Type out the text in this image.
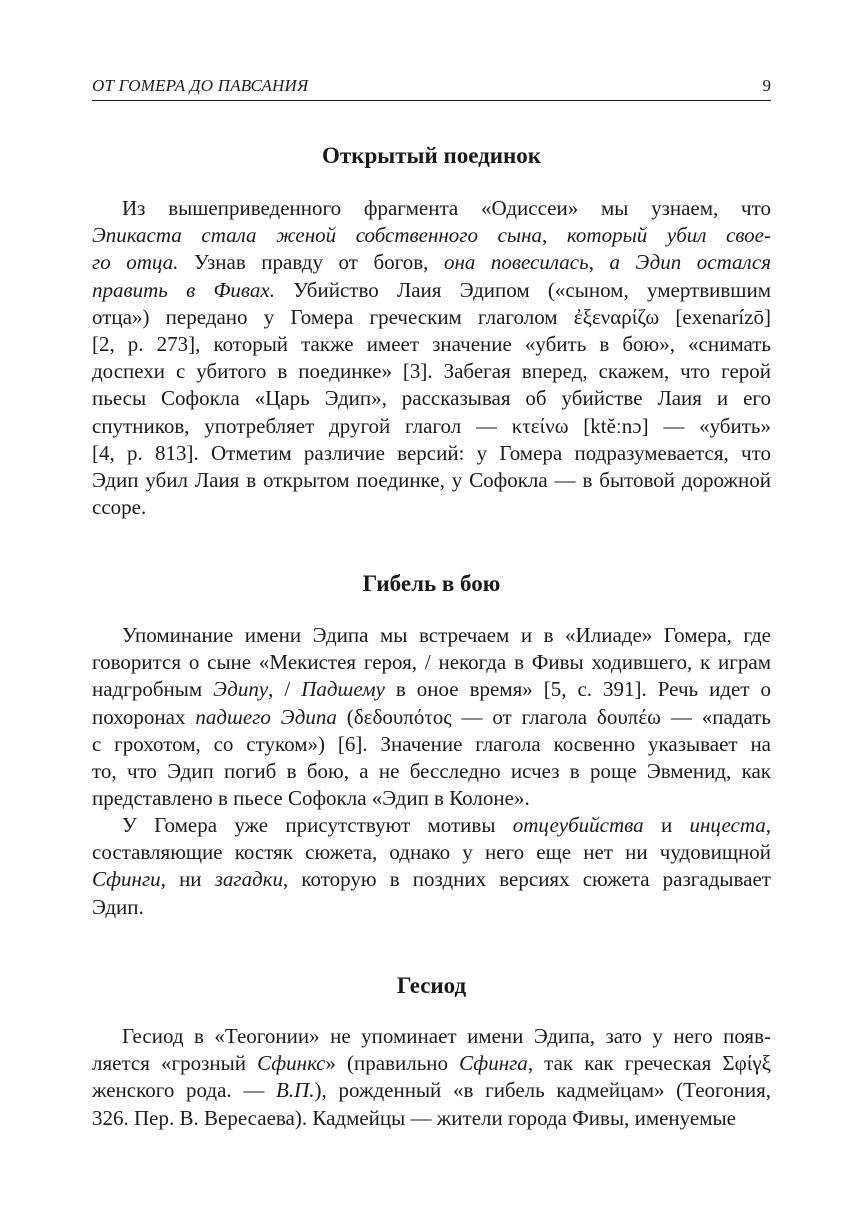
ОТ ГОМЕРА ДО ПАВСАНИЯ	9
Открытый поединок
Из вышеприведенного фрагмента «Одиссеи» мы узнаем, что
Эпикаста стала женой собственного сына, который убил свое-
го отца. Узнав правду от богов, она повесилась, а Эдип остался
править в Фивах. Убийство Лаия Эдипом («сыном, умертвившим
отца») передано у Гомера греческим глаголом ἐξεναρίζω [exenarízō]
[2, p. 273], который также имеет значение «убить в бою», «снимать
доспехи с убитого в поединке» [3]. Забегая вперед, скажем, что герой
пьесы Софокла «Царь Эдип», рассказывая об убийстве Лаия и его
спутников, употребляет другой глагол — κτείνω [ktĕːnɔ] — «убить»
[4, p. 813]. Отметим различие версий: у Гомера подразумевается, что
Эдип убил Лаия в открытом поединке, у Софокла — в бытовой дорожной
ссоре.
Гибель в бою
Упоминание имени Эдипа мы встречаем и в «Илиаде» Гомера, где
говорится о сыне «Мекистея героя, / некогда в Фивы ходившего, к играм
надгробным Эдипу, / Падшему в оное время» [5, с. 391]. Речь идет о
похоронах падшего Эдипа (δεδουπότος — от глагола δουπέω — «падать
с грохотом, со стуком») [6]. Значение глагола косвенно указывает на
то, что Эдип погиб в бою, а не бесследно исчез в роще Эвменид, как
представлено в пьесе Софокла «Эдип в Колоне».
У Гомера уже присутствуют мотивы отцеубийства и инцеста,
составляющие костяк сюжета, однако у него еще нет ни чудовищной
Сфинги, ни загадки, которую в поздних версиях сюжета разгадывает
Эдип.
Гесиод
Гесиод в «Теогонии» не упоминает имени Эдипа, зато у него появ-
ляется «грозный Сфинкс» (правильно Сфинга, так как греческая Σφίγξ
женского рода. — В.П.), рожденный «в гибель кадмейцам» (Теогония,
326. Пер. В. Вересаева). Кадмейцы — жители города Фивы, именуемые
